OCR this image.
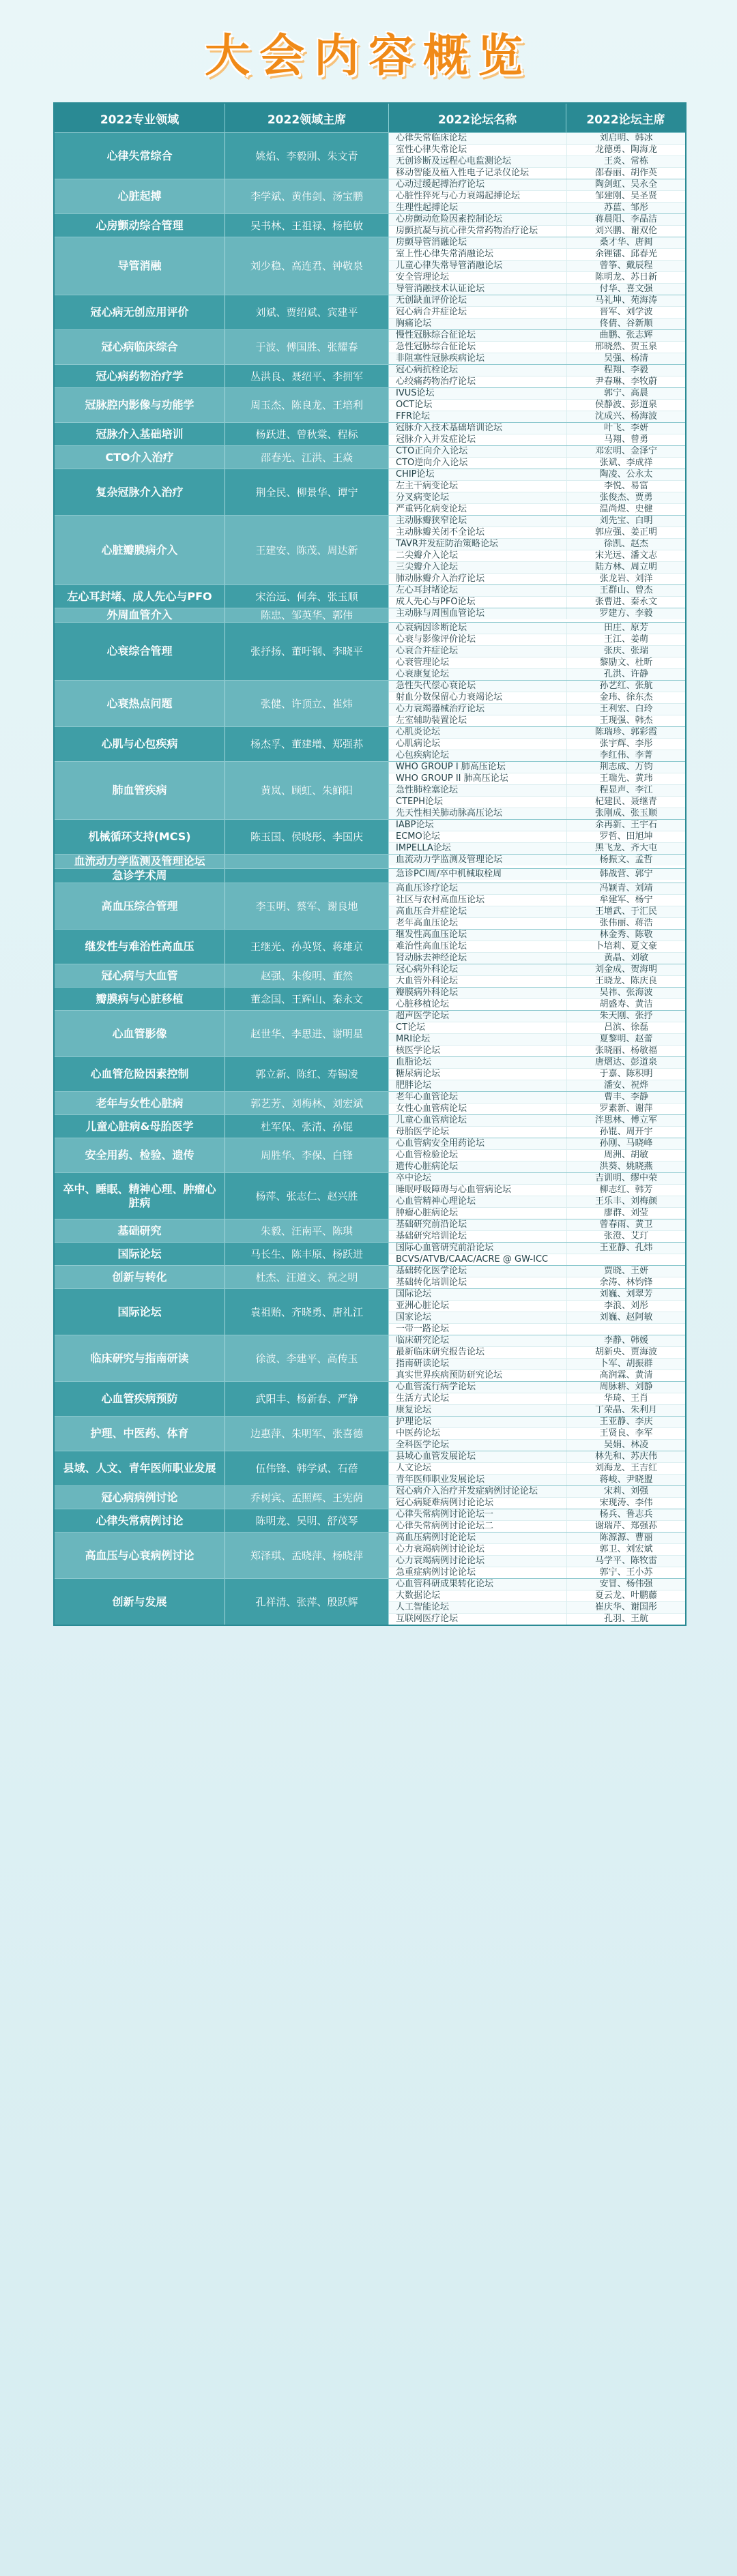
大会内容概览
2022专业领域	2022领域主席	2022论坛名称	2022论坛主席
心律失常综合	姚焰、李毅刚、朱文青
心律失常临床论坛	刘启明、韩冰
室性心律失常论坛	龙德勇、陶海龙
无创诊断及远程心电监测论坛	王炎、常栋
移动智能及植入性电子记录仪论坛	邵春丽、胡作英
心脏起搏	李学斌、黄伟剑、汤宝鹏
心动过缓起搏治疗论坛	陶剑虹、吴永全
心脏性猝死与心力衰竭起搏论坛	邹建刚、吴圣贤
生理性起搏论坛	苏蓝、邹彤
心房颤动综合管理	吴书林、王祖禄、杨艳敏	心房颤动危险因素控制论坛	蒋晨阳、李晶洁
房颤抗凝与抗心律失常药物治疗论坛	刘兴鹏、谢双伦
导管消融	刘少稳、高连君、钟敬泉
房颤导管消融论坛	桑才华、唐闽
室上性心律失常消融论坛	余锂镭、邱春光
儿童心律失常导管消融论坛	曾筝、戴辰程
安全管理论坛	陈明龙、苏日新
导管消融技术认证论坛	付华、喜文强
冠心病无创应用评价	刘斌、贾绍斌、宾建平
无创缺血评价论坛	马礼坤、苑海涛
冠心病合并症论坛	晋军、刘学波
胸痛论坛	佟倩、谷新顺
冠心病临床综合	于波、傅国胜、张耀春
慢性冠脉综合征论坛	曲鹏、张志辉
急性冠脉综合征论坛	邢晓然、贺玉泉
非阻塞性冠脉疾病论坛	吴强、杨清
冠心病药物治疗学	丛洪良、聂绍平、李拥军	冠心病抗栓论坛	程翔、李毅
心绞痛药物治疗论坛	尹春琳、李牧蔚
冠脉腔内影像与功能学	周玉杰、陈良龙、王培利
IVUS论坛	郭宁、高晨
OCT论坛	侯静波、彭道泉
FFR论坛	沈成兴、杨海波
冠脉介入基础培训	杨跃进、曾秋棠、程标	冠脉介入技术基础培训论坛	叶飞、李妍
冠脉介入并发症论坛	马翔、曾勇
CTO介入治疗	邵春光、江洪、王焱	CTO正向介入论坛	邓宏明、金泽宁
CTO逆向介入论坛	张斌、李成祥
复杂冠脉介入治疗	荆全民、柳景华、谭宁
CHIP论坛	陶凌、公永太
左主干病变论坛	李悦、易富
分叉病变论坛	张俊杰、贾勇
严重钙化病变论坛	温尚煜、史健
心脏瓣膜病介入	王建安、陈茂、周达新
主动脉瓣狭窄论坛	刘先宝、白明
主动脉瓣关闭不全论坛	郭应强、姜正明
TAVR并发症防治策略论坛	徐凯、赵杰
二尖瓣介入论坛	宋光远、潘文志
三尖瓣介入论坛	陆方林、周立明
肺动脉瓣介入治疗论坛	张龙岩、刘洋
左心耳封堵、成人先心与PFO	宋治远、何奔、张玉顺	左心耳封堵论坛	王群山、曾杰
成人先心与PFO论坛	张曹进、秦永文
外周血管介入	陈忠、邹英华、郭伟	主动脉与周围血管论坛	罗建方、李毅
心衰综合管理	张抒扬、董吁钢、李晓平
心衰病因诊断论坛	田庄、原芳
心衰与影像评价论坛	王江、姜萌
心衰合并症论坛	张庆、张瑞
心衰管理论坛	黎励文、杜昕
心衰康复论坛	孔洪、许静
心衰热点问题	张健、许顶立、崔炜
急性失代偿心衰论坛	孙艺红、张航
射血分数保留心力衰竭论坛	金玮、徐东杰
心力衰竭器械治疗论坛	王利宏、白玲
左室辅助装置论坛	王现强、韩杰
心肌与心包疾病	杨杰孚、董建增、郑强荪
心肌炎论坛	陈瑞珍、郭彩霞
心肌病论坛	张宇辉、李彤
心包疾病论坛	李红伟、李菁
肺血管疾病	黄岚、顾虹、朱鲜阳
WHO GROUP I 肺高压论坛	荆志成、万钧
WHO GROUP II 肺高压论坛	王瑞先、黄玮
急性肺栓塞论坛	程显声、李江
CTEPH论坛	杞建民、聂继青
先天性相关肺动脉高压论坛	张刚成、张玉顺
机械循环支持(MCS)	陈玉国、侯晓彤、李国庆
IABP论坛	余再新、王宇石
ECMO论坛	罗哲、田旭坤
IMPELLA论坛	黑飞龙、齐大屯
血流动力学监测及管理论坛	血流动力学监测及管理论坛	杨振文、孟哲
急诊学术周	急诊PCI周/卒中机械取栓周	韩战营、郭宁
高血压综合管理	李玉明、蔡军、谢良地
高血压诊疗论坛	冯颖青、刘靖
社区与农村高血压论坛	牟建军、杨宁
高血压合并症论坛	王增武、于汇民
老年高血压论坛	张伟丽、蒋浩
继发性与难治性高血压	王继光、孙英贤、蒋雄京
继发性高血压论坛	林金秀、陈敬
难治性高血压论坛	卜培莉、夏文豪
肾动脉去神经论坛	黄晶、刘敏
冠心病与大血管	赵强、朱俊明、董然	冠心病外科论坛	刘金成、贺海明
大血管外科论坛	王晓龙、陈庆良
瓣膜病与心脏移植	董念国、王辉山、秦永文	瓣膜病外科论坛	吴祎、张海波
心脏移植论坛	胡盛寿、黄洁
心血管影像	赵世华、李思进、谢明星
超声医学论坛	朱天刚、张抒
CT论坛	吕滨、徐磊
MRI论坛	夏黎明、赵蕾
核医学论坛	张晓丽、杨敏福
心血管危险因素控制	郭立新、陈红、寿锡凌
血脂论坛	唐熠达、彭道泉
糖尿病论坛	于嘉、陈积明
肥胖论坛	潘安、祝烨
老年与女性心脏病	郭艺芳、刘梅林、刘宏斌	老年心血管论坛	曹丰、李静
女性心血管病论坛	罗素新、谢萍
儿童心脏病&母胎医学	杜军保、张清、孙锟	儿童心血管病论坛	泮思林、傅立军
母胎医学论坛	孙锟、周开宇
安全用药、检验、遗传	周胜华、李保、白锋
心血管病安全用药论坛	孙刚、马晓峰
心血管检验论坛	周洲、胡敏
遗传心脏病论坛	洪葵、姚晓燕
卒中、睡眠、精神心理、肿瘤心脏病	杨萍、张志仁、赵兴胜
卒中论坛	吉训明、缪中荣
睡眠呼吸障碍与心血管病论坛	柳志红、韩芳
心血管精神心理论坛	王乐丰、刘梅颜
肿瘤心脏病论坛	廖群、刘莹
基础研究	朱毅、汪南平、陈琪	基础研究前沿论坛	曾春雨、黄卫
基础研究培训论坛	张澄、艾玎
国际论坛	马长生、陈丰原、杨跃进	国际心血管研究前沿论坛	王亚静、孔炜
BCVS/ATVB/CAAC/ACRE @ GW-ICC
创新与转化	杜杰、汪道文、祝之明	基础转化医学论坛	贾晓、王妍
基础转化培训论坛	余涛、林钧锋
国际论坛	袁祖贻、齐晓勇、唐礼江
国际论坛	刘巍、刘翠芳
亚洲心脏论坛	李浪、刘彤
国家论坛	刘巍、赵阿敏
一带一路论坛
临床研究与指南研读	徐波、李建平、高传玉
临床研究论坛	李静、韩媛
最新临床研究报告论坛	胡新央、贾海波
指南研读论坛	卜军、胡振群
真实世界疾病预防研究论坛	高润霖、黄清
心血管疾病预防	武阳丰、杨新春、严静
心血管流行病学论坛	周脉耕、刘静
生活方式论坛	华琦、王肖
康复论坛	丁荣晶、朱利月
护理、中医药、体育	边惠萍、朱明军、张喜德
护理论坛	王亚静、李庆
中医药论坛	王贤良、李军
全科医学论坛	吴娟、林凌
县域、人文、青年医师职业发展	伍伟锋、韩学斌、石蓓
县域心血管发展论坛	林先和、苏庆伟
人文论坛	刘海龙、王吉红
青年医师职业发展论坛	蒋峻、尹晓盟
冠心病病例讨论	乔树宾、孟照辉、王宪荫	冠心病介入治疗并发症病例讨论论坛	宋莉、刘强
冠心病疑难病例讨论论坛	宋现涛、李伟
心律失常病例讨论	陈明龙、吴明、舒茂琴	心律失常病例讨论论坛一	杨兵、鲁志兵
心律失常病例讨论论坛二	谢瑞芹、郑强荪
高血压与心衰病例讨论	郑泽琪、孟晓萍、杨晓萍
高血压病例讨论论坛	陈源源、曹丽
心力衰竭病例讨论论坛	郭卫、刘宏斌
心力衰竭病例讨论论坛	马学平、陈牧雷
急重症病例讨论论坛	郭宁、王小苏
创新与发展	孔祥清、张萍、殷跃辉
心血管科研成果转化论坛	安冒、杨伟强
大数据论坛	夏云龙、叶鹏藤
人工智能论坛	崔庆华、谢国彤
互联网医疗论坛	孔羽、王航
